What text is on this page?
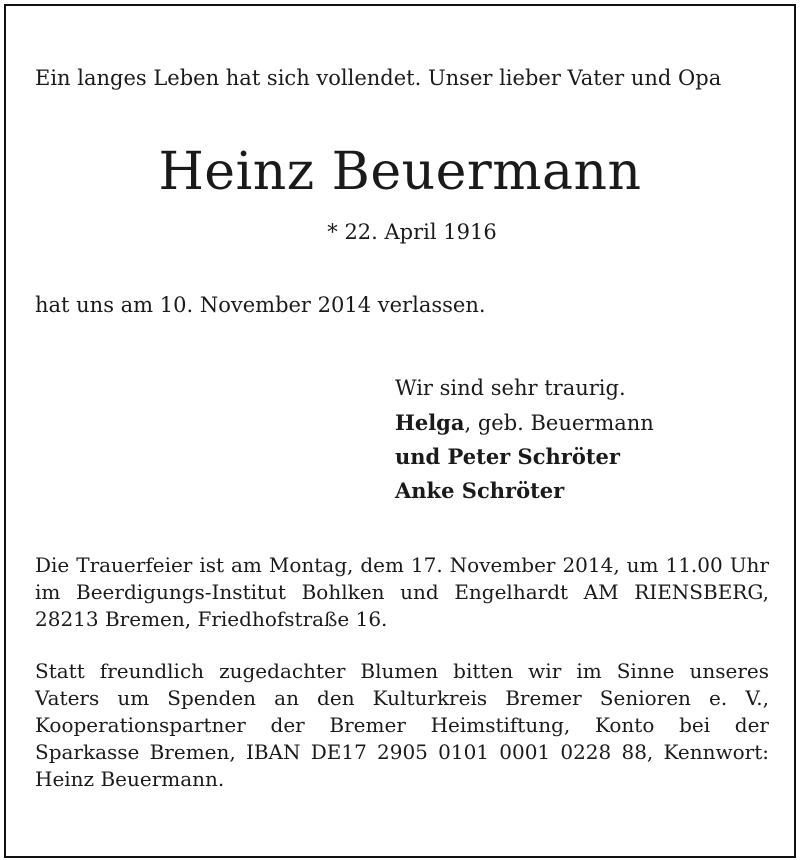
Ein langes Leben hat sich vollendet. Unser lieber Vater und Opa
Heinz Beuermann
* 22. April 1916
hat uns am 10. November 2014 verlassen.
Wir sind sehr traurig.
Helga, geb. Beuermann
und Peter Schröter
Anke Schröter
Die Trauerfeier ist am Montag, dem 17. November 2014, um 11.00 Uhr im Beerdigungs-Institut Bohlken und Engelhardt AM RIENSBERG, 28213 Bremen, Friedhofstraße 16.
Statt freundlich zugedachter Blumen bitten wir im Sinne unseres Vaters um Spenden an den Kulturkreis Bremer Senioren e. V., Kooperationspartner der Bremer Heimstiftung, Konto bei der Sparkasse Bremen, IBAN DE17 2905 0101 0001 0228 88, Kennwort: Heinz Beuermann.
